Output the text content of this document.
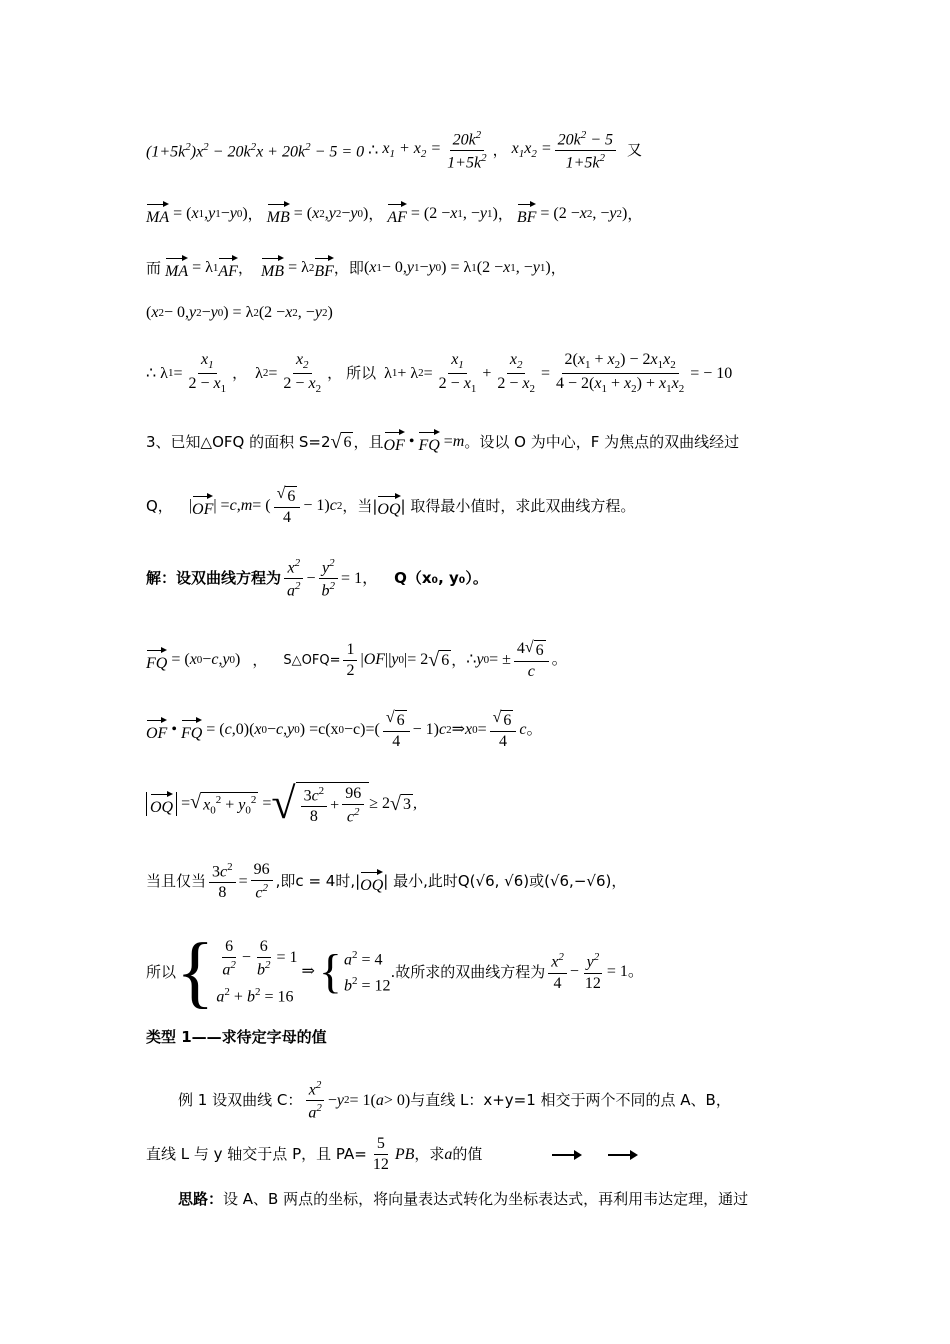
$(1+5k^2)x^2 - 20k^2x + 20k^2 - 5 = 0$ ∴ $x_1 + x_2 = \frac{20k^2}{1+5k^2}$ ，
$x_1x_2 = \frac{20k^2 - 5}{1+5k^2}$
又
MA = ( x 1 , y 1 − y 0 ) ，
MB = ( x 2 , y 2 − y 0 ) ，
AF = (2 − x 1 , − y 1 ) ，
BF = (2 − x 2 , − y 2 ) ，
而
MA = λ 1 AF ，
MB = λ 2 BF ， 即 ( x 1 − 0, y 1 − y 0 ) = λ 1 (2 − x 1 , − y 1 ) ，
( x 2 − 0, y 2 − y 0 ) = λ 2 (2 − x 2 , − y 2 )
∴ λ $1 = \frac{x_1}{2 - x_1}$ ， λ $2 = \frac{x_2}{2 - x_2}$ ，
所以 λ 1 + λ $2 = \frac{x_1}{2 - x_1} + \frac{x_2}{2 - x_2} = \frac{2(x_1 + x_2) - 2x_1x_2}{4 - 2(x_1 + x_2) + x_1x_2}$ = − 10
3、已知△OFQ 的面积 S=2 √ 6 ，且 OF • FQ = m 。设以 O 为中心，F 为焦点的双曲线经过
Q， | OF | = c , m = ( $\frac{√ 6}{4} - 1$) c 2 ，当| OQ | 取得最小值时，求此双曲线方程。
解：设双曲线方程为 $\frac{x^2}{a^2} - \frac{y^2}{b^2} = 1$， Q（x₀, y₀）。
FQ = ( x 0 − c , y 0 ) ，
S△OFQ= $\frac{1}{2}$ | OF || y 0 |= 2 √ 6 ， ∴ y 0 = ± $\frac{4 √ 6}{c}$ 。
OF • FQ = ( c ,0)( x 0 − c , y 0 ) =c(x $0 -c)=( \frac{√ 6}{4} - 1)$ c 2 ⇒ x $0 = \frac{√ 6}{4}$ c 。
OQ = √ $x_0^2 + y_0^2$ = √ $\frac{3c^2}{8} + \frac{96}{c^2} \ge 2$ √ 3 ,
当且仅当 $\frac{3c^2}{8} = \frac{96}{c^2}$ ,即c = 4时,| OQ | 最小,此时Q(√6, √6)或(√6,−√6)，
所以 { $\frac{6}{a^2} - \frac{6}{b^2} = 1$
$a^2 + b^2 = 16$
⇒ { $a^2 = 4$
$b^2 = 12$
.故所求的双曲线方程为 $\frac{x^2}{4} - \frac{y^2}{12} = 1$。
类型 1——求待定字母的值
例 1 设双曲线 C： $\frac{x^2}{a^2} - y$ 2 = 1( a > 0) 与直线 L：x+y=1 相交于两个不同的点 A、B，
直线 L 与 y 轴交于点 P，且 $PA= \frac{5}{12}$ PB ，求 a 的值
思路： 设 A、B 两点的坐标，将向量表达式转化为坐标表达式，再利用韦达定理，通过
